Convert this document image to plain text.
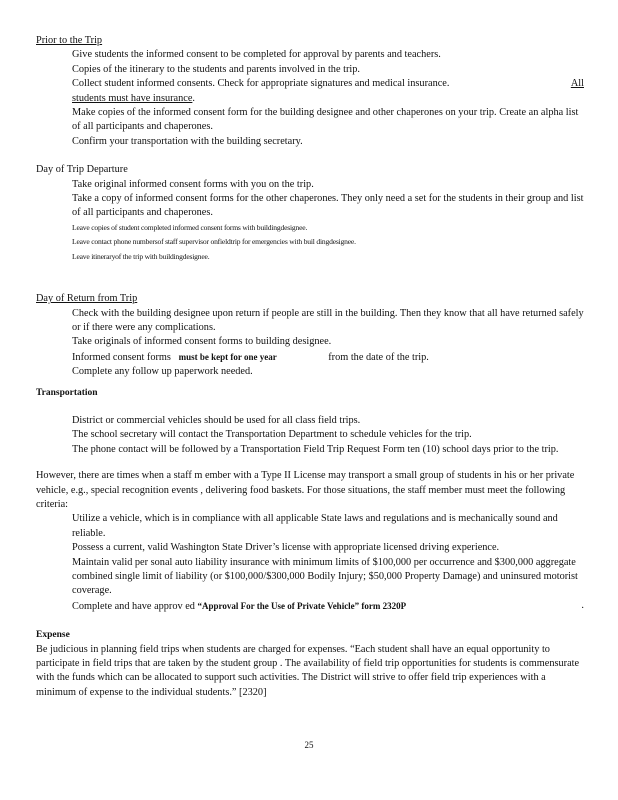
Prior to the Trip

Give students the informed consent to be completed for approval by parents and teachers.
Copies of the itinerary to the students and parents involved in the trip.
Collect student informed consents. Check for appropriate signatures and medical insurance.	All

students must have insurance.
Make copies of the informed consent form for the building designee and other chaperones on your trip. Create an alpha list of all participants and chaperones.
Confirm your transportation with the building secretary.

Day of Trip Departure

Take original informed consent forms with you on the trip.
Take a copy of informed consent forms for the other chaperones. They only need a set for the students in their group and list of all participants and chaperones.
Leave copies of student completed informed consent forms with buildingdesignee.
Leave contact phone numbersof staff supervisor onfieldtrip for emergencies with buil dingdesignee.
Leave itineraryof the trip with buildingdesignee.

Day of Return from Trip

Check with the building designee upon return if people are still in the building. Then they know that all have returned safely or if there were any complications.
Take originals of informed consent forms to building designee.
Informed consent forms must be kept for one year	from the date of the trip.
Complete any follow up paperwork needed.

Transportation

District or commercial vehicles should be used for all class field trips.
The school secretary will contact the Transportation Department to schedule vehicles for the trip.
The phone contact will be followed by a Transportation Field Trip Request Form ten (10) school days prior to the trip.

However, there are times when a staff m ember with a Type II License may transport a small group of students in his or her private vehicle, e.g., special recognition events , delivering food baskets. For those situations, the staff member must meet the following criteria:

Utilize a vehicle, which is in compliance with all applicable State laws and regulations and is mechanically sound and reliable.
Possess a current, valid Washington State Driver’s license with appropriate licensed driving experience.
Maintain valid per sonal auto liability insurance with minimum limits of $100,000 per occurrence and $300,000 aggregate combined single limit of liability (or $100,000/$300,000 Bodily Injury; $50,000 Property Damage) and uninsured motorist coverage.
Complete and have approv ed “Approval For the Use of Private Vehicle” form 2320P	.

Expense

Be judicious in planning field trips when students are charged for expenses. “Each student shall have an equal opportunity to participate in field trips that are taken by the student group . The availability of field trip opportunities for students is commensurate with the funds which can be allocated to support such activities. The District will strive to offer field trip experiences with a minimum of expense to the individual students.” [2320]

25
